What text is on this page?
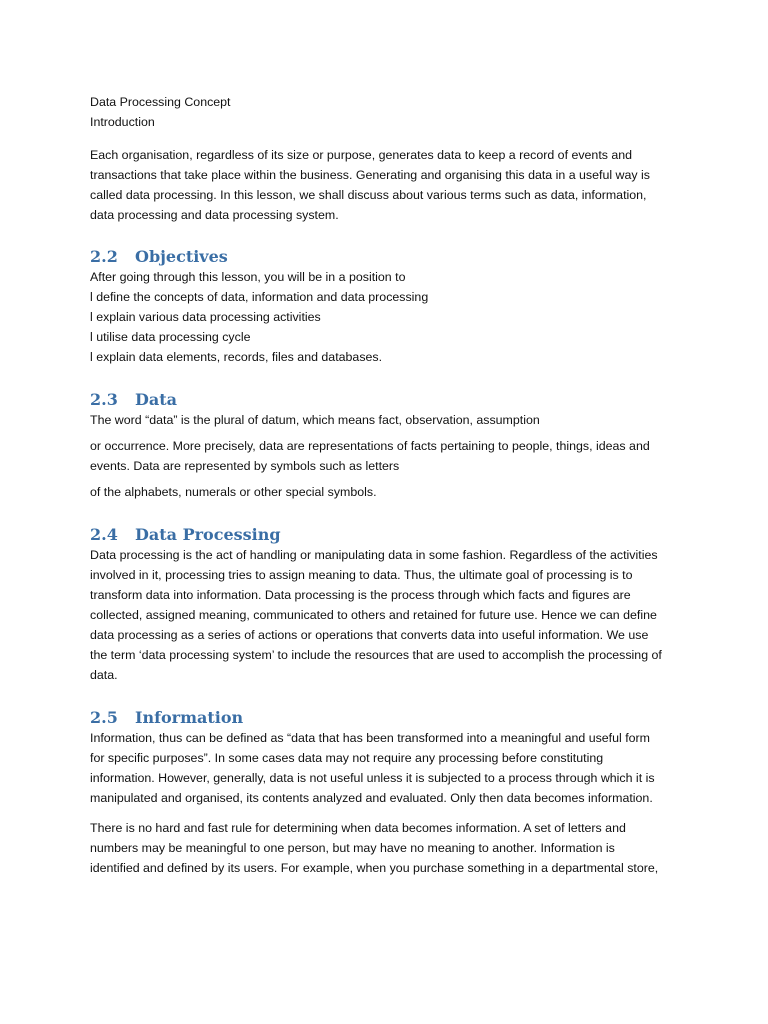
Data Processing Concept

Introduction

Each organisation, regardless of its size or purpose, generates data to keep a record of events and

transactions that take place within the business. Generating and organising this data in a useful way is

called data processing. In this lesson, we shall discuss about various terms such as data, information,

data processing and data processing system.

2.2 Objectives

After going through this lesson, you will be in a position to

l define the concepts of data, information and data processing

l explain various data processing activities

l utilise data processing cycle

l explain data elements, records, files and databases.

2.3 Data

The word “data” is the plural of datum, which means fact, observation, assumption

or occurrence. More precisely, data are representations of facts pertaining to people, things, ideas and

events. Data are represented by symbols such as letters

of the alphabets, numerals or other special symbols.

2.4 Data Processing

Data processing is the act of handling or manipulating data in some fashion. Regardless of the activities

involved in it, processing tries to assign meaning to data. Thus, the ultimate goal of processing is to

transform data into information. Data processing is the process through which facts and figures are

collected, assigned meaning, communicated to others and retained for future use. Hence we can define

data processing as a series of actions or operations that converts data into useful information. We use

the term ‘data processing system’ to include the resources that are used to accomplish the processing of

data.

2.5 Information

Information, thus can be defined as “data that has been transformed into a meaningful and useful form

for specific purposes”. In some cases data may not require any processing before constituting

information. However, generally, data is not useful unless it is subjected to a process through which it is

manipulated and organised, its contents analyzed and evaluated. Only then data becomes information.

There is no hard and fast rule for determining when data becomes information. A set of letters and

numbers may be meaningful to one person, but may have no meaning to another. Information is

identified and defined by its users. For example, when you purchase something in a departmental store,
